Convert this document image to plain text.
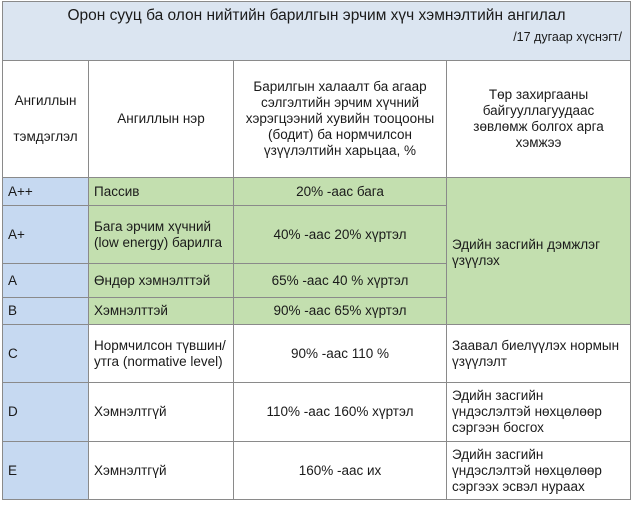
Орон сууц ба олон нийтийн барилгын эрчим хүч хэмнэлтийн ангилал
/17 дугаар хүснэгт/			

Ангиллын
тэмдэглэл	Ангиллын нэр	Барилгын халаалт ба агаар сэлгэлтийн эрчим хүчний хэрэгцээний хувийн тооцооны (бодит) ба нормчилсон үзүүлэлтийн харьцаа, %	Төр захиргааны байгууллагуудаас зөвлөмж болгох арга хэмжээ
A++	Пассив	20% -аас бага	Эдийн засгийн дэмжлэг үзүүлэх

A+	Бага эрчим хүчний (low energy) барилга	40% -аас 20% хүртэл	
A	Өндөр хэмнэлттэй	65% -аас 40 % хүртэл	
B	Хэмнэлттэй	90% -аас 65% хүртэл	
C	Нормчилсон түвшин/ утга (normative level)	90% -аас 110 %	Заавал биелүүлэх нормын үзүүлэлт
D	Хэмнэлтгүй	110% -аас 160% хүртэл	Эдийн засгийн үндэслэлтэй нөхцөлөөр сэргээн босгох
E	Хэмнэлтгүй	160% -аас их	Эдийн засгийн үндэслэлтэй нөхцөлөөр
сэргээх эсвэл нураах
